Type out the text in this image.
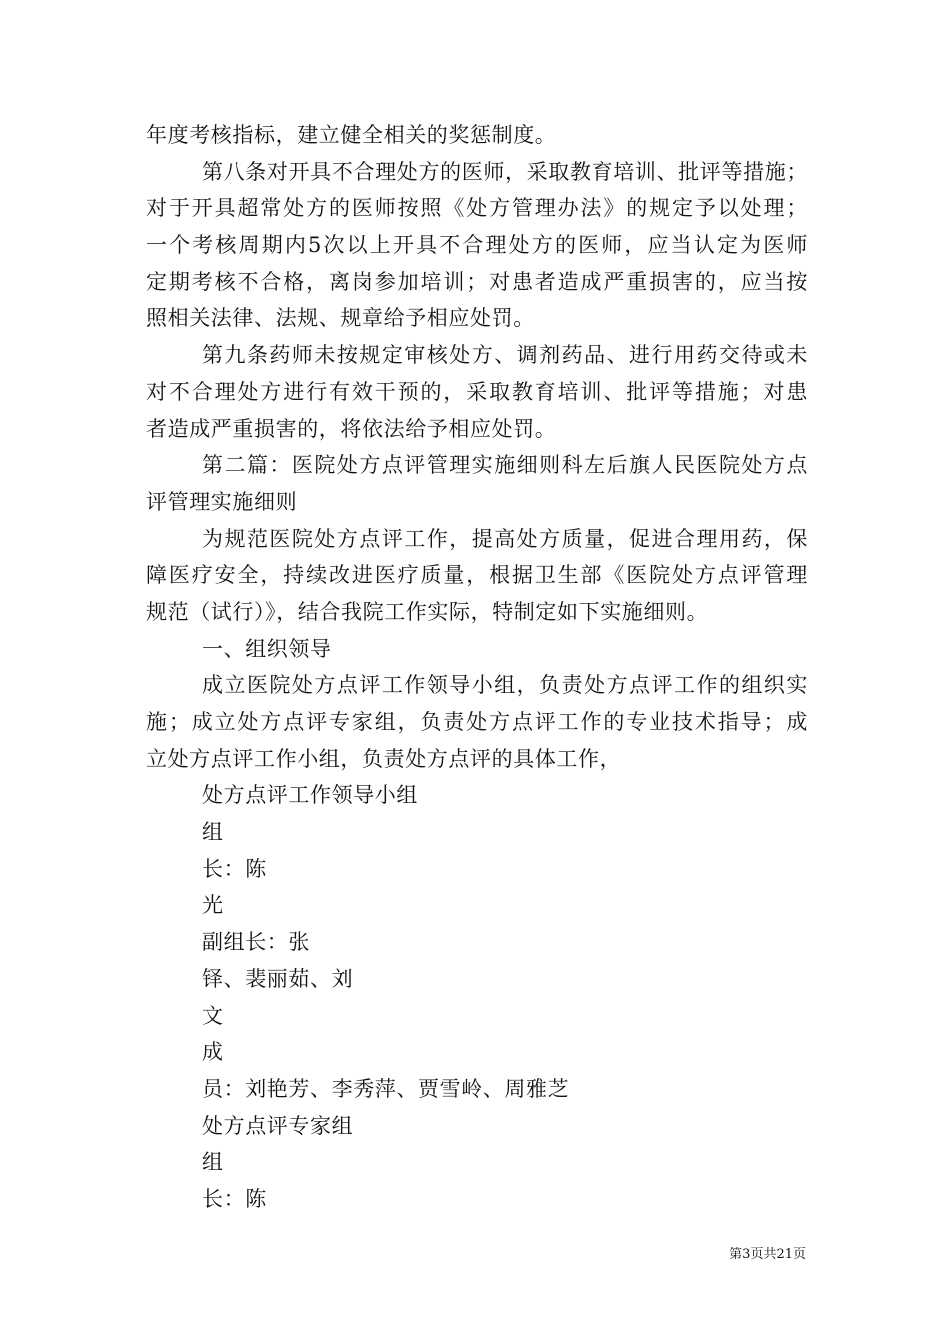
年度考核指标，建立健全相关的奖惩制度。
第八条对开具不合理处方的医师，采取教育培训、批评等措施；
对于开具超常处方的医师按照《处方管理办法》的规定予以处理；
一个考核周期内5次以上开具不合理处方的医师，应当认定为医师
定期考核不合格，离岗参加培训；对患者造成严重损害的，应当按
照相关法律、法规、规章给予相应处罚。
第九条药师未按规定审核处方、调剂药品、进行用药交待或未
对不合理处方进行有效干预的，采取教育培训、批评等措施；对患
者造成严重损害的，将依法给予相应处罚。
第二篇：医院处方点评管理实施细则科左后旗人民医院处方点
评管理实施细则
为规范医院处方点评工作，提高处方质量，促进合理用药，保
障医疗安全，持续改进医疗质量，根据卫生部《医院处方点评管理
规范（试行）》，结合我院工作实际，特制定如下实施细则。
一、组织领导
成立医院处方点评工作领导小组，负责处方点评工作的组织实
施；成立处方点评专家组，负责处方点评工作的专业技术指导；成
立处方点评工作小组，负责处方点评的具体工作，
处方点评工作领导小组
组
长：陈
光
副组长：张
铎、裴丽茹、刘
文
成
员：刘艳芳、李秀萍、贾雪岭、周雅芝
处方点评专家组
组
长：陈
第3页共21页
